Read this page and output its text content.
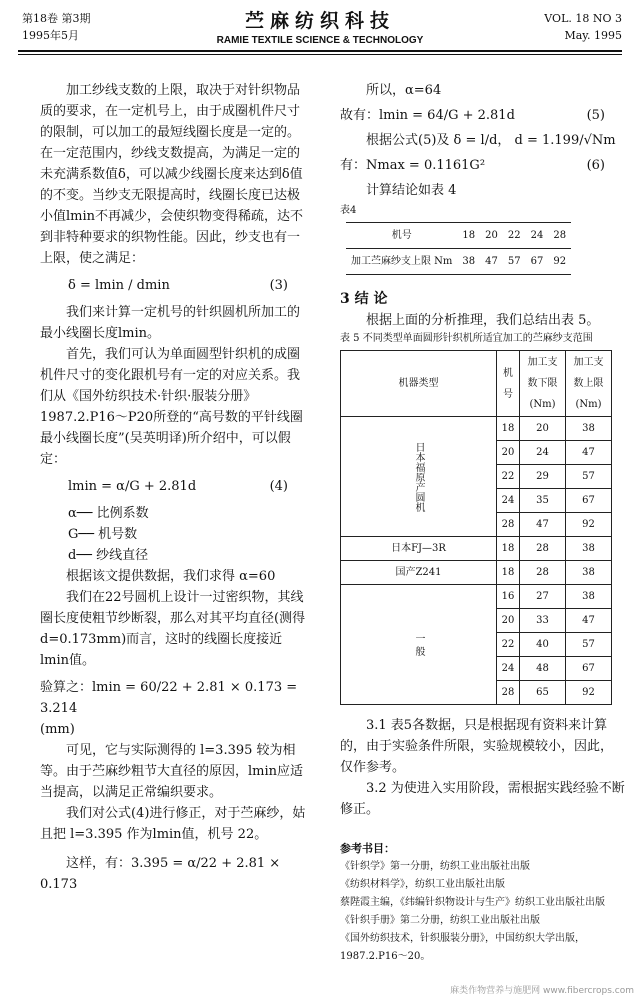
第18卷 第3期
1995年5月
苎麻纺织科技
RAMIE TEXTILE SCIENCE & TECHNOLOGY
VOL. 18 NO 3
May. 1995

加工纱线支数的上限，取决于对针织物品质的要求，在一定机号上，由于成圈机件尺寸的限制，可以加工的最短线圈长度是一定的。在一定范围内，纱线支数提高，为满足一定的未充满系数值δ，可以减少线圈长度来达到δ值的不变。当纱支无限提高时，线圈长度已达极小值lmin不再减少，会使织物变得稀疏，达不到非特种要求的织物性能。因此，纱支也有一上限，使之满足：

δ = lmin / dmin	(3)

我们来计算一定机号的针织圆机所加工的最小线圈长度lmin。

首先，我们可认为单面圆型针织机的成圈机件尺寸的变化跟机号有一定的对应关系。我们从《国外纺织技术·针织·服装分册》1987.2.P16～P20所登的“高号数的平针线圈最小线圈长度”(吴英明译)所介绍中，可以假定：

lmin = α/G + 2.81d	(4)

α── 比例系数

G── 机号数

d── 纱线直径

根据该文提供数据，我们求得 α=60

我们在22号圆机上设计一过密织物，其线圈长度使粗节纱断裂，那么对其平均直径(测得 d=0.173mm)而言，这时的线圈长度接近lmin值。

验算之：lmin = 60/22 + 2.81 × 0.173 = 3.214

(mm)

可见，它与实际测得的 l=3.395 较为相等。由于苎麻纱粗节大直径的原因，lmin应适当提高，以满足正常编织要求。

我们对公式(4)进行修正，对于苎麻纱，姑且把 l=3.395 作为lmin值，机号 22。

这样，有：3.395 = α/22 + 2.81 × 0.173

所以，α=64

故有：lmin = 64/G + 2.81d	(5)

根据公式(5)及 δ = l/d， d = 1.199/√Nm

有：Nmax = 0.1161G²	(6)

计算结论如表 4

表4
机号	18	20	22	24	28
加工苎麻纱支上限 Nm	38	47	57	67	92
3 结 论

根据上面的分析推理，我们总结出表 5。

表 5 不同类型单面圆形针织机所适宜加工的苎麻纱支范围
机器类型	机号	加工支数下限(Nm)	加工支数上限(Nm)
日本福原产圆机	18	20	38
	20	24	47
	22	29	57
	24	35	67
	28	47	92
日本FJ—3R	18	28	38
国产Z241	18	28	38
一 般	16	27	38
	20	33	47
	22	40	57
	24	48	67
	28	65	92

3.1 表5各数据，只是根据现有资料来计算的，由于实验条件所限，实验规模较小，因此，仅作参考。

3.2 为使进入实用阶段，需根据实践经验不断修正。

参考书目：
《针织学》第一分册，纺织工业出版社出版
《纺织材料学》，纺织工业出版社出版
蔡陛霞主编，《纬编针织物设计与生产》纺织工业出版社出版
《针织手册》第二分册，纺织工业出版社出版
《国外纺织技术，针织服装分册》，中国纺织大学出版，1987.2.P16～20。
麻类作物营养与施肥网 www.fibercrops.com
